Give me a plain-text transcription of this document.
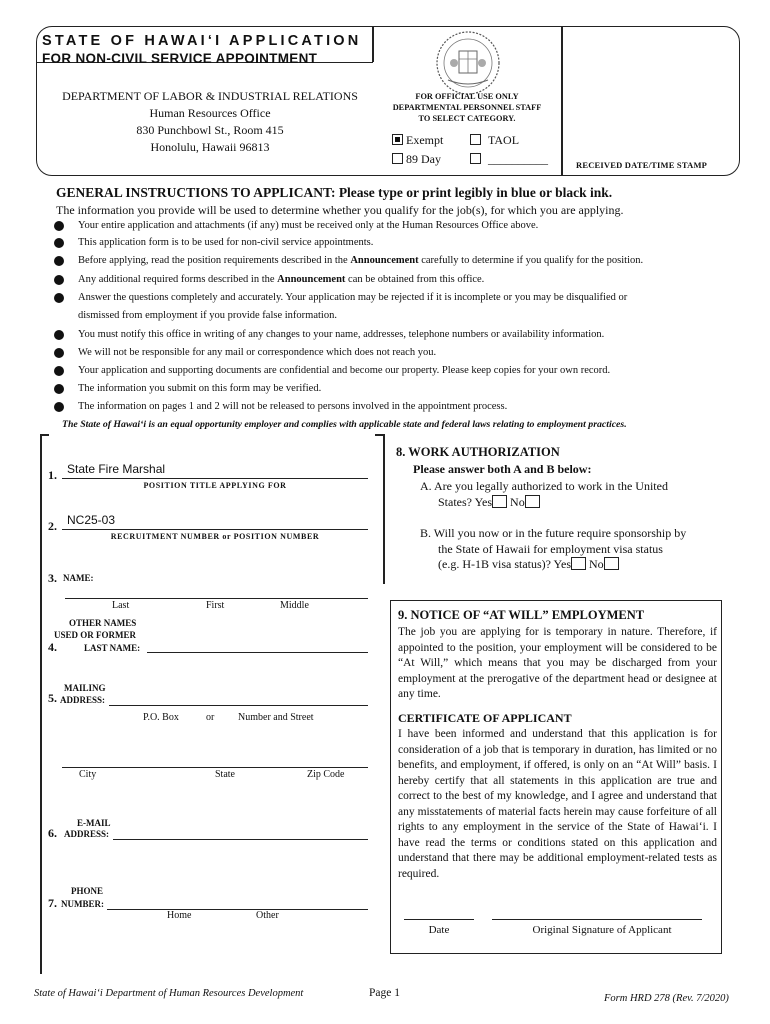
STATE OF HAWAI‘I APPLICATION
FOR NON-CIVIL SERVICE APPOINTMENT
DEPARTMENT OF LABOR & INDUSTRIAL RELATIONS
Human Resources Office
830 Punchbowl St., Room 415
Honolulu, Hawaii 96813
FOR OFFICIAL USE ONLY
DEPARTMENTAL PERSONNEL STAFF
TO SELECT CATEGORY.
Exempt	TAOL
89 Day	__________	RECEIVED DATE/TIME STAMP
GENERAL INSTRUCTIONS TO APPLICANT: Please type or print legibly in blue or black ink.
The information you provide will be used to determine whether you qualify for the job(s), for which you are applying.
Your entire application and attachments (if any) must be received only at the Human Resources Office above.
This application form is to be used for non-civil service appointments.
Before applying, read the position requirements described in the Announcement carefully to determine if you qualify for the position.
Any additional required forms described in the Announcement can be obtained from this office.
Answer the questions completely and accurately. Your application may be rejected if it is incomplete or you may be disqualified or
dismissed from employment if you provide false information.
You must notify this office in writing of any changes to your name, addresses, telephone numbers or availability information.
We will not be responsible for any mail or correspondence which does not reach you.
Your application and supporting documents are confidential and become our property. Please keep copies for your own record.
The information you submit on this form may be verified.
The information on pages 1 and 2 will not be released to persons involved in the appointment process.
The State of Hawai‘i is an equal opportunity employer and complies with applicable state and federal laws relating to employment practices.
1.
State Fire Marshal
POSITION TITLE APPLYING FOR
2.
NC25-03
RECRUITMENT NUMBER or POSITION NUMBER
3. NAME:
Last	First	Middle
OTHER NAMES
USED OR FORMER
4.	LAST NAME:
MAILING
5. ADDRESS:
P.O. Box	or Number and Street
City	State	Zip Code
E-MAIL
6. ADDRESS:
PHONE
7. NUMBER:
Home	Other
8. WORK AUTHORIZATION
Please answer both A and B below:
A. Are you legally authorized to work in the United
States? Yes No
B. Will you now or in the future require sponsorship by
the State of Hawaii for employment visa status
(e.g. H-1B visa status)? Yes No
9. NOTICE OF “AT WILL” EMPLOYMENT
The job you are applying for is temporary in nature. Therefore, if appointed to the position, your employment will be considered to be “At Will,” which means that you may be discharged from your employment at the prerogative of the department head or designee at any time.
CERTIFICATE OF APPLICANT
I have been informed and understand that this application is for consideration of a job that is temporary in duration, has limited or no benefits, and employment, if offered, is only on an “At Will” basis. I hereby certify that all statements in this application are true and correct to the best of my knowledge, and I agree and understand that any misstatements of material facts herein may cause forfeiture of all rights to any employment in the service of the State of Hawai‘i. I have read the terms or conditions stated on this application and understand that there may be additional employment-related tests as required.
Date	Original Signature of Applicant
State of Hawai‘i Department of Human Resources Development	Page 1	Form HRD 278 (Rev. 7/2020)
